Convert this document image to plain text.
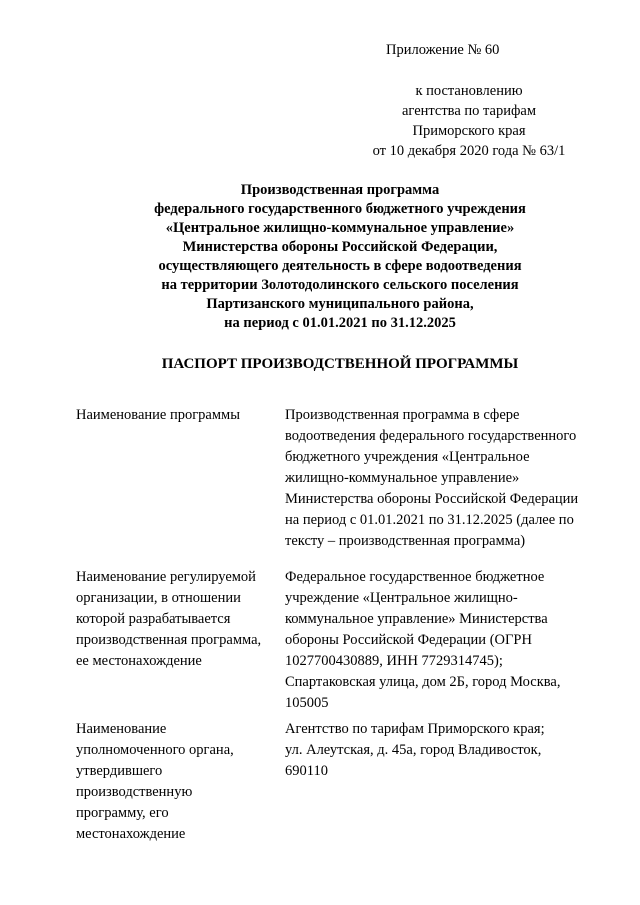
Приложение № 60
к постановлению
агентства по тарифам
Приморского края
от 10 декабря 2020 года № 63/1
Производственная программа
федерального государственного бюджетного учреждения
«Центральное жилищно-коммунальное управление»
Министерства обороны Российской Федерации,
осуществляющего деятельность в сфере водоотведения
на территории Золотодолинского сельского поселения
Партизанского муниципального района,
на период с 01.01.2021 по 31.12.2025
ПАСПОРТ ПРОИЗВОДСТВЕННОЙ ПРОГРАММЫ
Наименование программы	Производственная программа в сфере
водоотведения федерального государственного
бюджетного учреждения «Центральное
жилищно-коммунальное управление»
Министерства обороны Российской Федерации
на период с 01.01.2021 по 31.12.2025 (далее по
тексту – производственная программа)
Наименование регулируемой
организации, в отношении
которой разрабатывается
производственная программа,
ее местонахождение
Федеральное государственное бюджетное
учреждение «Центральное жилищно-
коммунальное управление» Министерства
обороны Российской Федерации (ОГРН
1027700430889, ИНН 7729314745);
Спартаковская улица, дом 2Б, город Москва,
105005
Наименование
уполномоченного органа,
утвердившего
производственную
программу, его
местонахождение
Агентство по тарифам Приморского края;
ул. Алеутская, д. 45а, город Владивосток,
690110
